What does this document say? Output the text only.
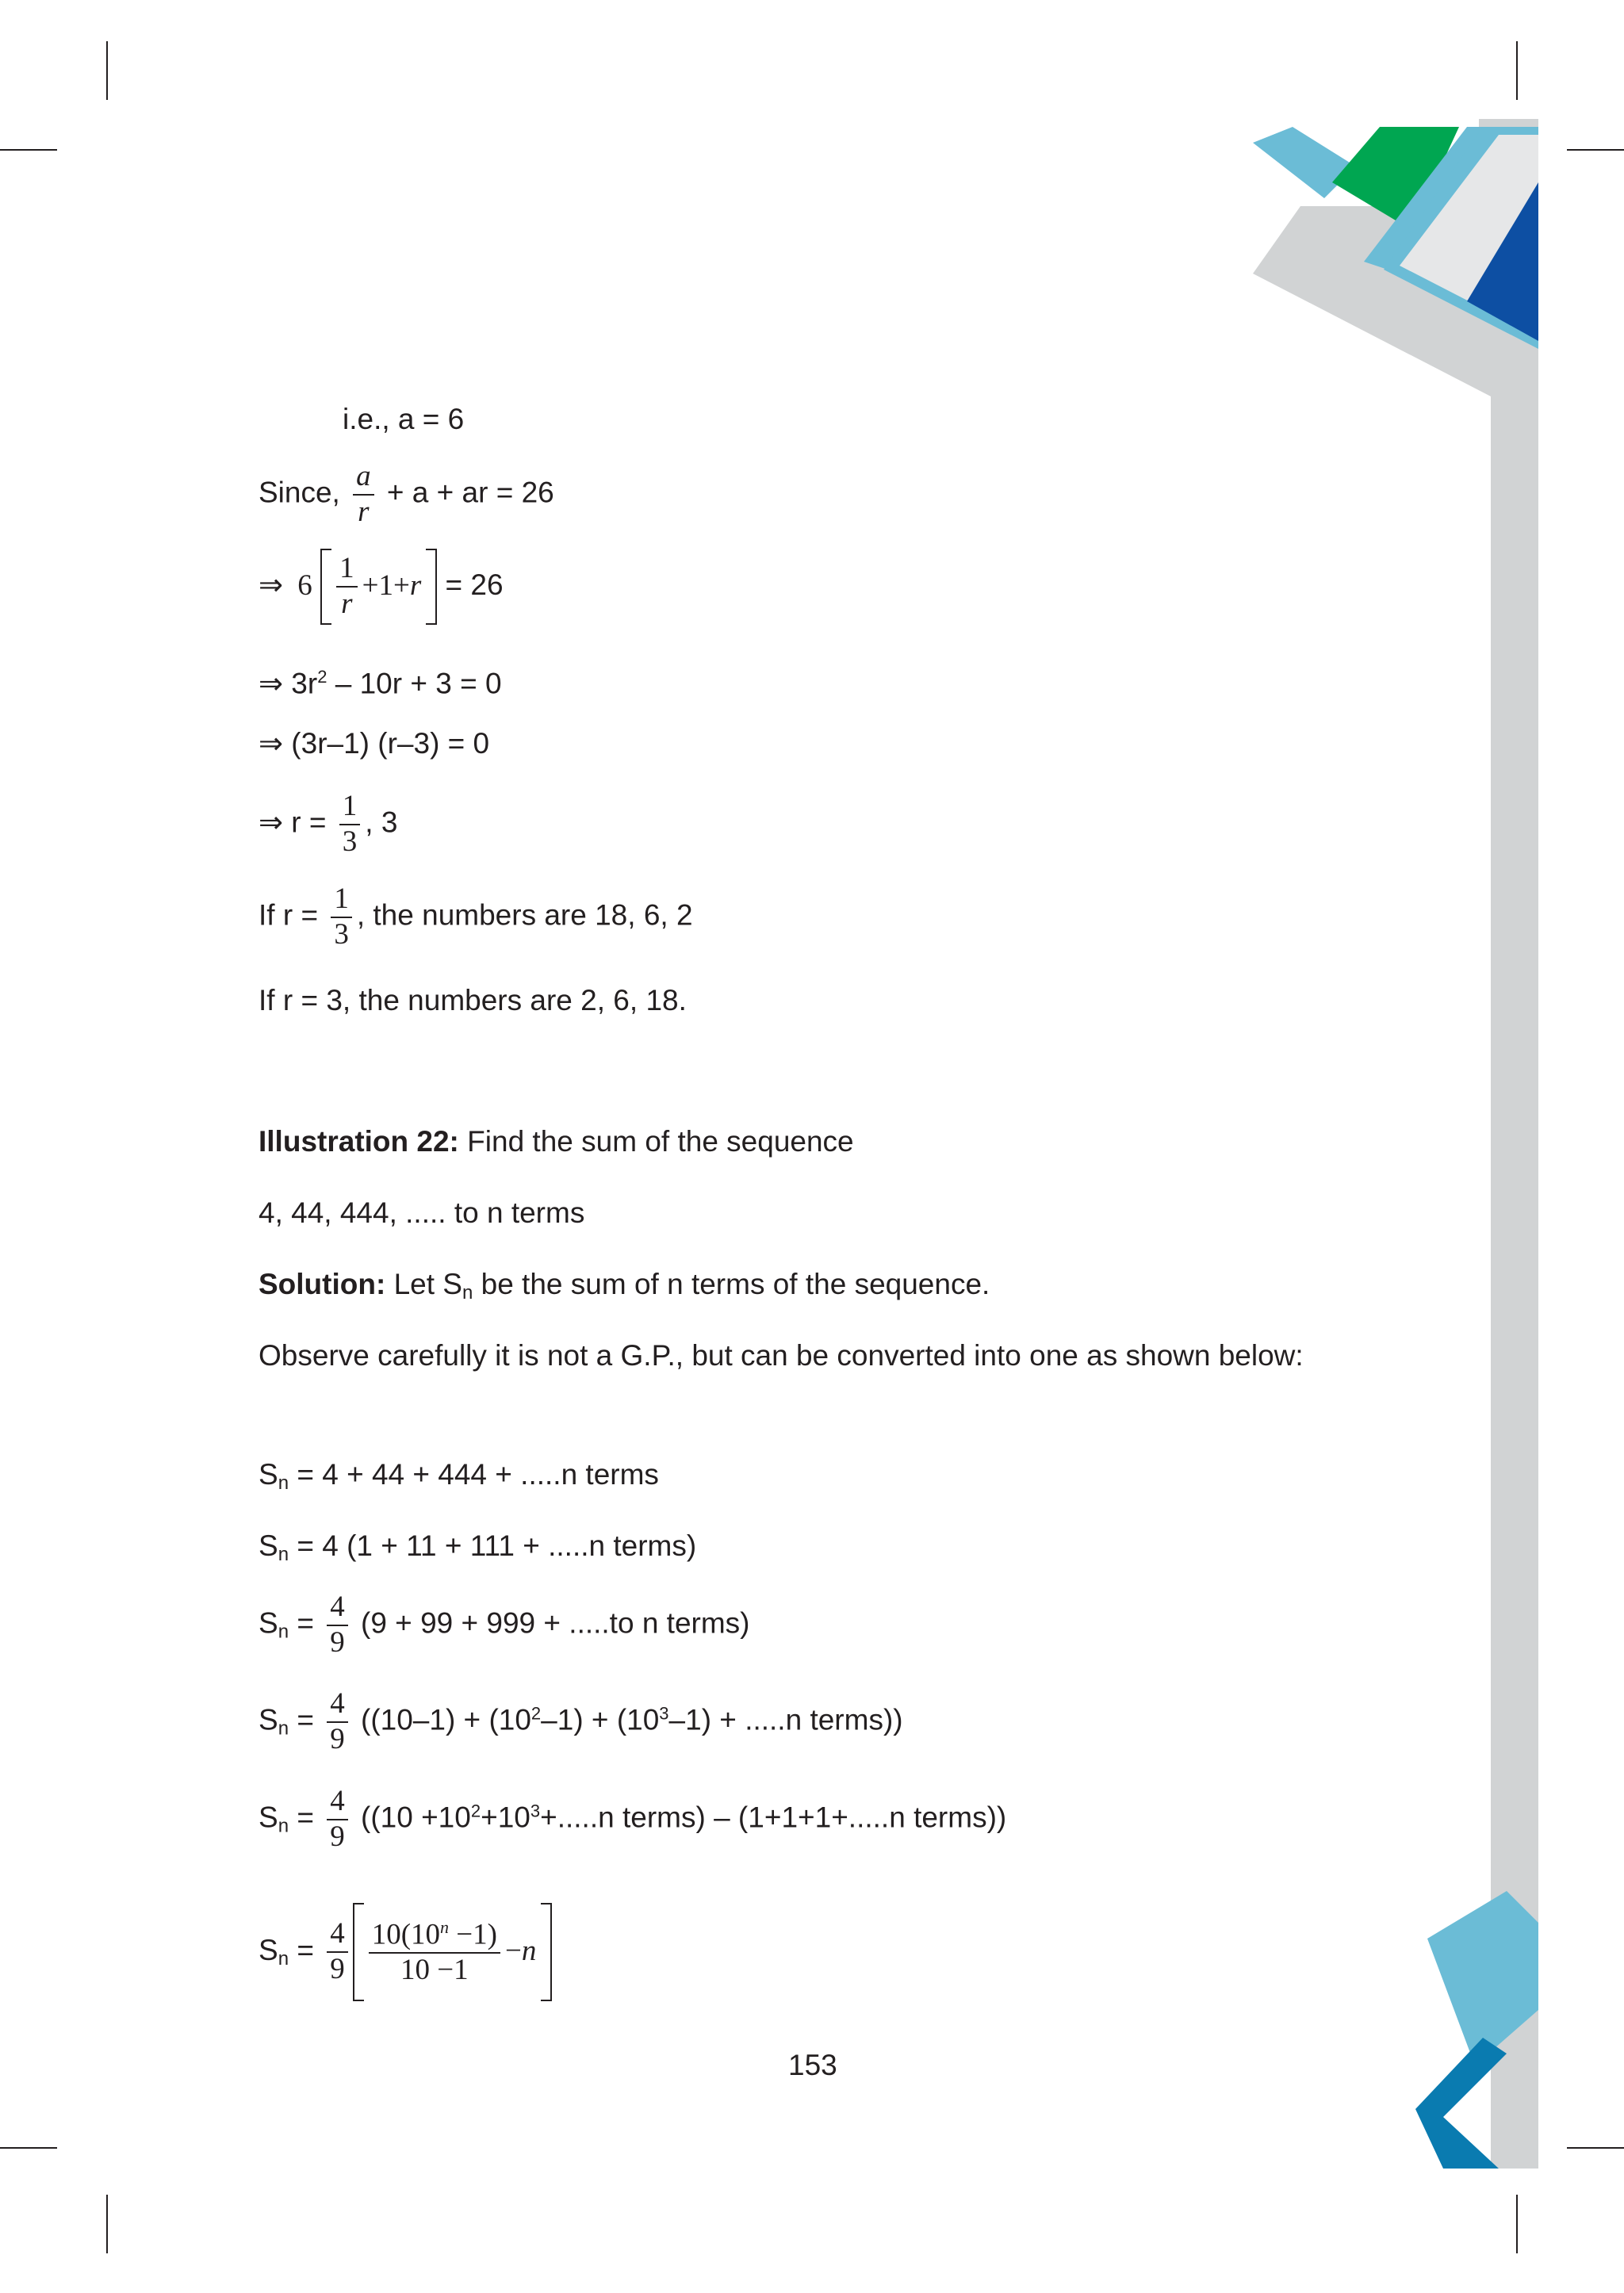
i.e., a = 6
Since, $\frac{a}{r} + a$ + ar = 26
⇒ $6 \frac{1}{r} +1+r = 26$
⇒ $3r^2 - 10r + 3 = 0$
⇒ (3r–1) (r–3) = 0
⇒ $r = \frac{1}{3}$ , 3
If $r = \frac{1}{3}$ , the numbers are 18, 6, 2
If r = 3, the numbers are 2, 6, 18.
Illustration 22: Find the sum of the sequence
4, 44, 444, ..... to n terms
Solution: Let $S_n$ be the sum of n terms of the sequence.
Observe carefully it is not a G.P., but can be converted into one as shown below:
$S_n = 4 + 44 + 444 + .....n$ terms
$S_n = 4$ (1 + 11 + 111 + .....n terms)
$S_n = \frac{4}{9} (9 + 99 + 999 + .....to$ n terms)
$S_n = \frac{4}{9} ((10-1) + (10^2-1) + (10^3-1) + .....n$ terms))
$S_n = \frac{4}{9} ((10 +10^2+10^3+.....n$ terms) – (1+1+1+.....n terms))
$S_n = \frac{4}{9} \frac{10(10^n -1)}{10 -1} -n$
153
